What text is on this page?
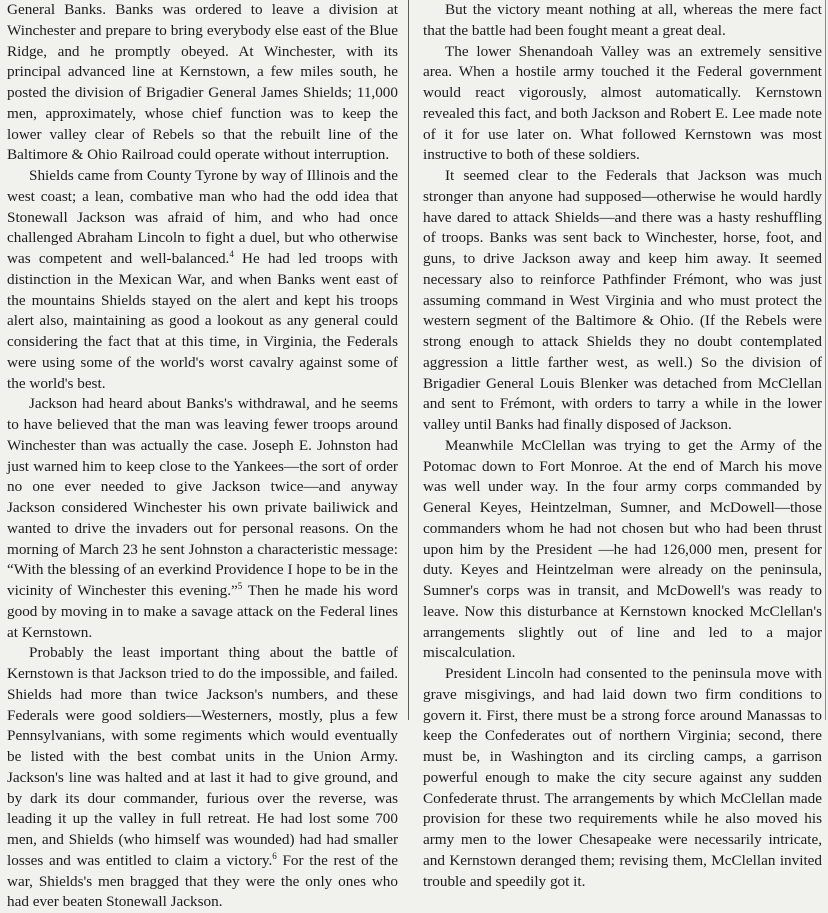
General Banks. Banks was ordered to leave a division at Winchester and prepare to bring everybody else east of the Blue Ridge, and he promptly obeyed. At Winchester, with its principal advanced line at Kernstown, a few miles south, he posted the division of Brigadier General James Shields; 11,000 men, approximately, whose chief function was to keep the lower valley clear of Rebels so that the rebuilt line of the Baltimore & Ohio Railroad could operate without interruption.

Shields came from County Tyrone by way of Illinois and the west coast; a lean, combative man who had the odd idea that Stonewall Jackson was afraid of him, and who had once challenged Abraham Lincoln to fight a duel, but who otherwise was competent and well-balanced.$^4$ He had led troops with distinction in the Mexican War, and when Banks went east of the mountains Shields stayed on the alert and kept his troops alert also, maintaining as good a lookout as any general could considering the fact that at this time, in Virginia, the Federals were using some of the world's worst cavalry against some of the world's best.

Jackson had heard about Banks's withdrawal, and he seems to have believed that the man was leaving fewer troops around Winchester than was actually the case. Joseph E. Johnston had just warned him to keep close to the Yankees—the sort of order no one ever needed to give Jackson twice—and anyway Jackson considered Winchester his own private bailiwick and wanted to drive the invaders out for personal reasons. On the morning of March 23 he sent Johnston a characteristic message: “With the blessing of an everkind Providence I hope to be in the vicinity of Winchester this evening.”$^5$ Then he made his word good by moving in to make a savage attack on the Federal lines at Kernstown.

Probably the least important thing about the battle of Kernstown is that Jackson tried to do the impossible, and failed. Shields had more than twice Jackson's numbers, and these Federals were good soldiers—Westerners, mostly, plus a few Pennsylvanians, with some regiments which would eventually be listed with the best combat units in the Union Army. Jackson's line was halted and at last it had to give ground, and by dark its dour commander, furious over the reverse, was leading it up the valley in full retreat. He had lost some 700 men, and Shields (who himself was wounded) had had smaller losses and was entitled to claim a victory.$^6$ For the rest of the war, Shields's men bragged that they were the only ones who had ever beaten Stonewall Jackson.

But the victory meant nothing at all, whereas the mere fact that the battle had been fought meant a great deal.

The lower Shenandoah Valley was an extremely sensitive area. When a hostile army touched it the Federal government would react vigorously, almost automatically. Kernstown revealed this fact, and both Jackson and Robert E. Lee made note of it for use later on. What followed Kernstown was most instructive to both of these soldiers.

It seemed clear to the Federals that Jackson was much stronger than anyone had supposed—otherwise he would hardly have dared to attack Shields—and there was a hasty reshuffling of troops. Banks was sent back to Winchester, horse, foot, and guns, to drive Jackson away and keep him away. It seemed necessary also to reinforce Pathfinder Frémont, who was just assuming command in West Virginia and who must protect the western segment of the Baltimore & Ohio. (If the Rebels were strong enough to attack Shields they no doubt contemplated aggression a little farther west, as well.) So the division of Brigadier General Louis Blenker was detached from McClellan and sent to Frémont, with orders to tarry a while in the lower valley until Banks had finally disposed of Jackson.

Meanwhile McClellan was trying to get the Army of the Potomac down to Fort Monroe. At the end of March his move was well under way. In the four army corps commanded by General Keyes, Heintzelman, Sumner, and McDowell—those commanders whom he had not chosen but who had been thrust upon him by the President —he had 126,000 men, present for duty. Keyes and Heintzelman were already on the peninsula, Sumner's corps was in transit, and McDowell's was ready to leave. Now this disturbance at Kernstown knocked McClellan's arrangements slightly out of line and led to a major miscalculation.

President Lincoln had consented to the peninsula move with grave misgivings, and had laid down two firm conditions to govern it. First, there must be a strong force around Manassas to keep the Confederates out of northern Virginia; second, there must be, in Washington and its circling camps, a garrison powerful enough to make the city secure against any sudden Confederate thrust. The arrangements by which McClellan made provision for these two requirements while he also moved his army men to the lower Chesapeake were necessarily intricate, and Kernstown deranged them; revising them, McClellan invited trouble and speedily got it.
